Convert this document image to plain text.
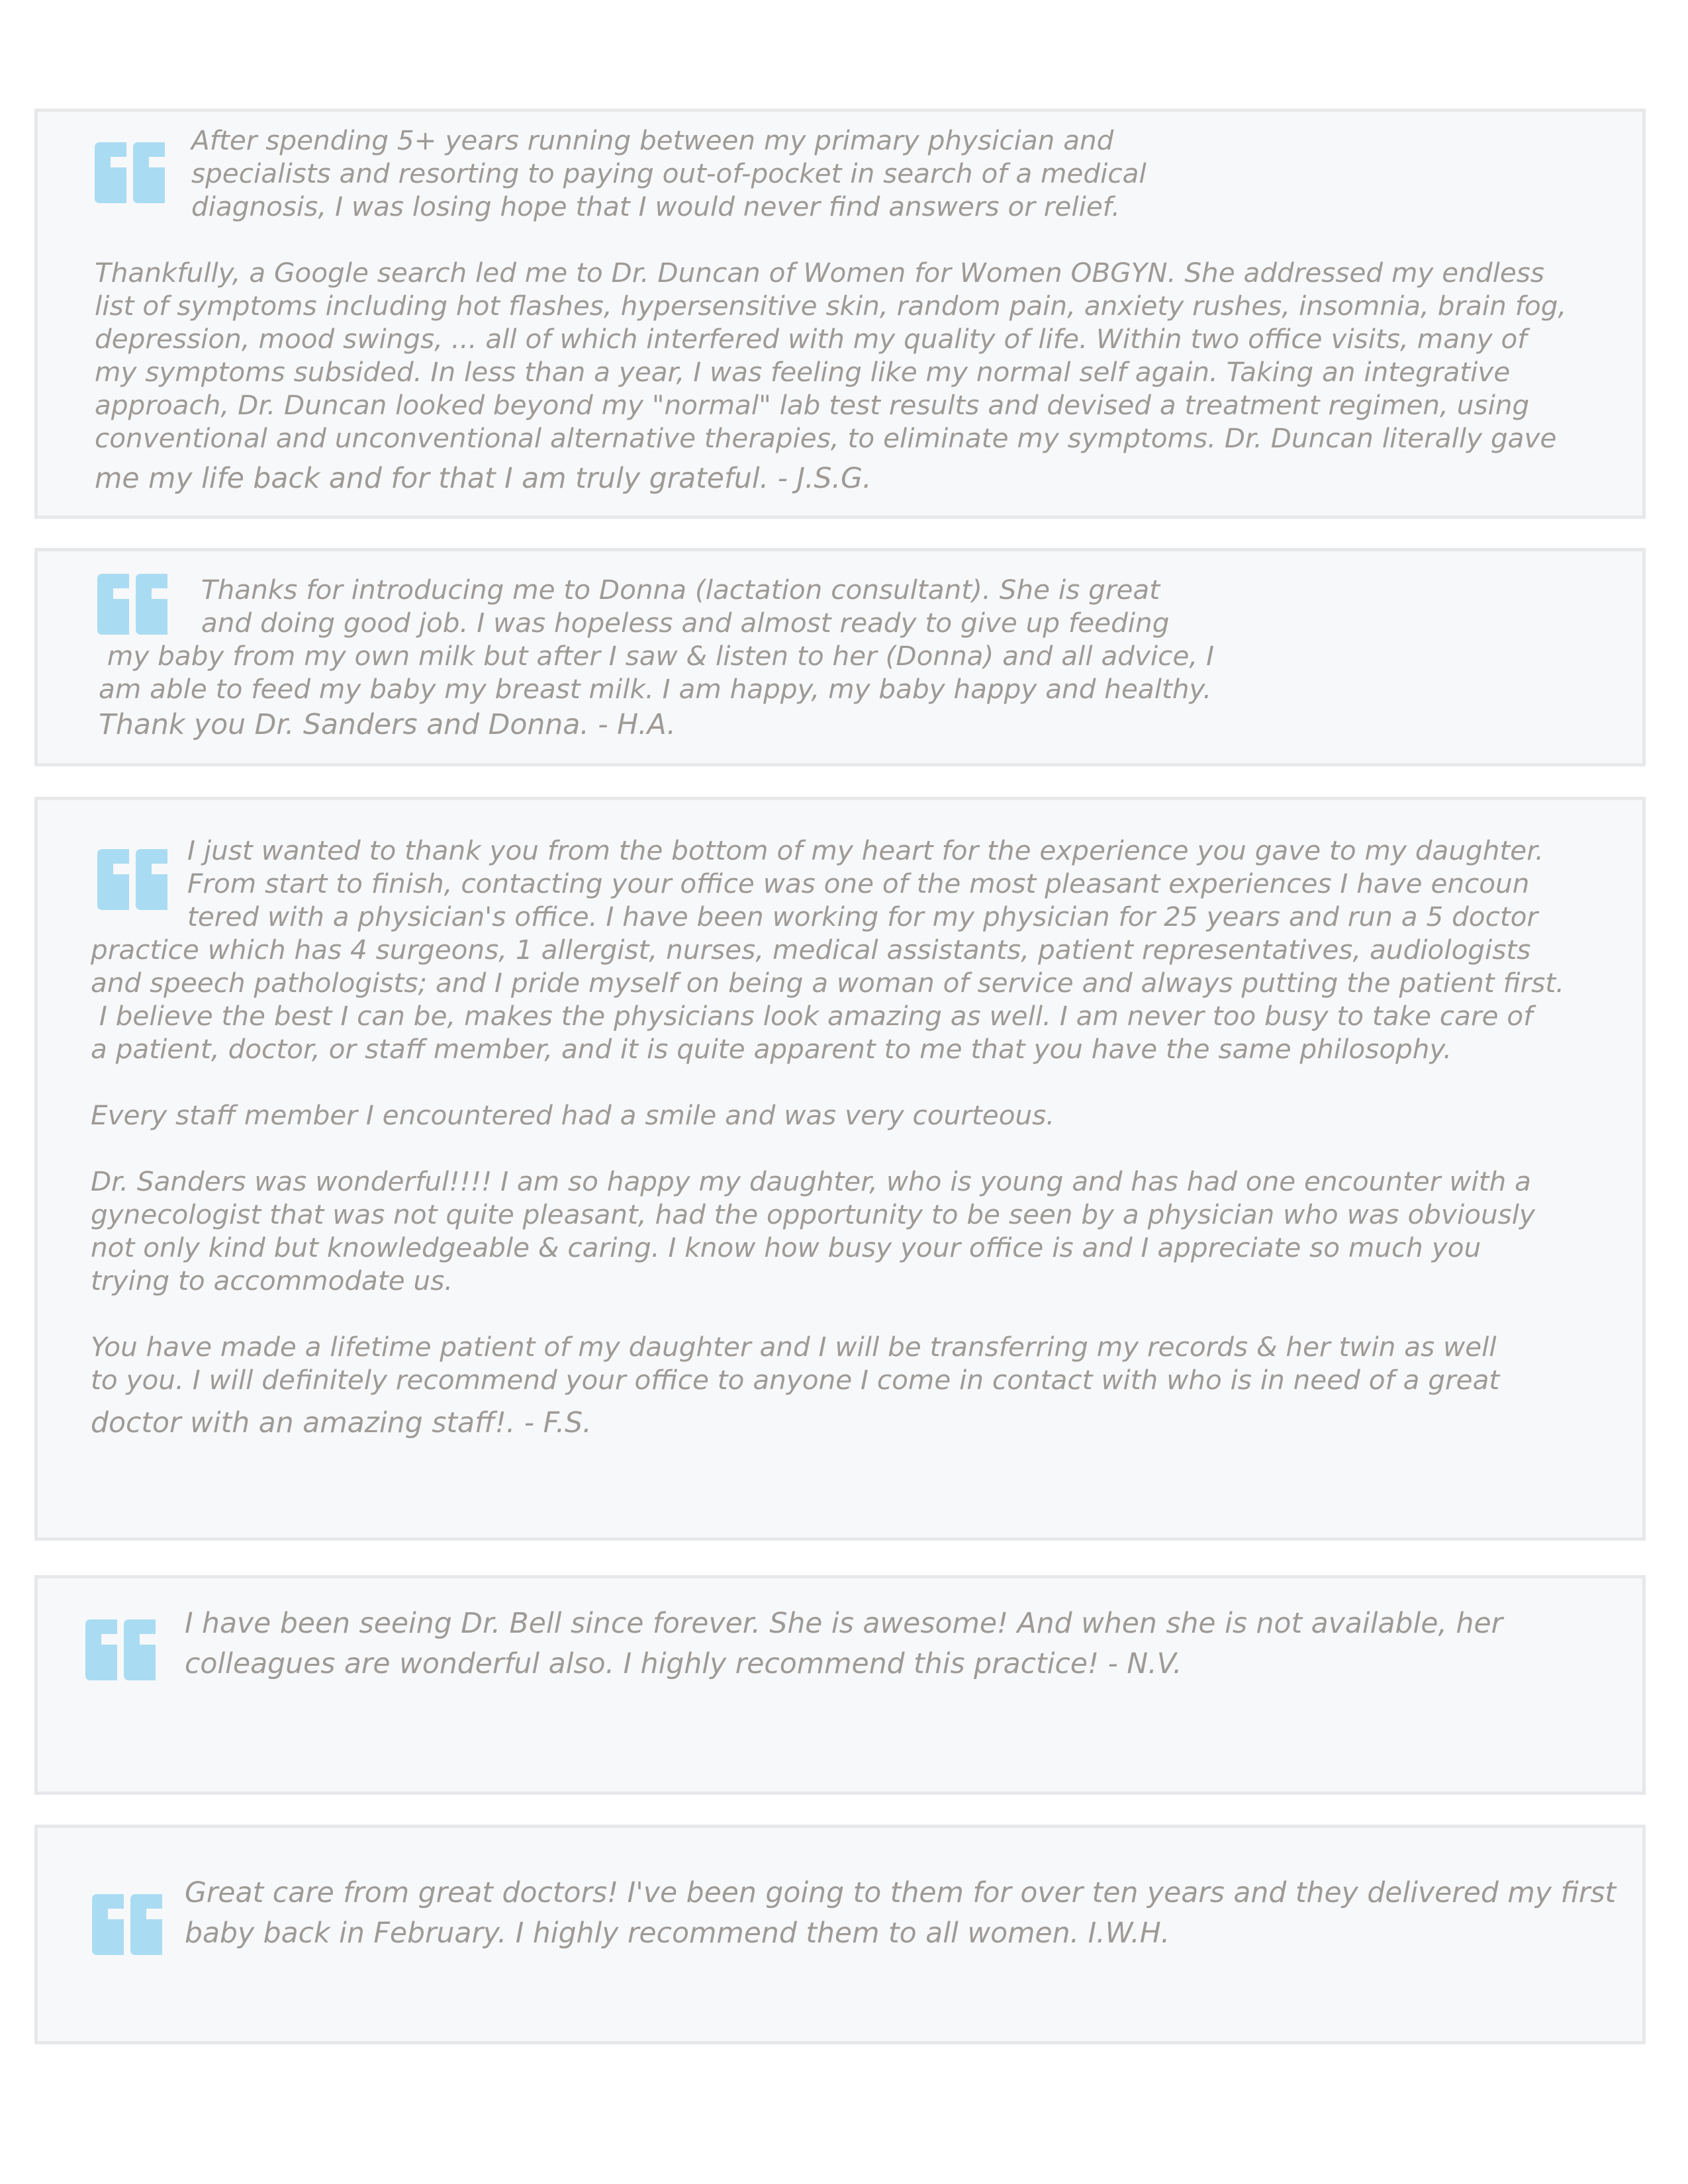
After spending 5+ years running between my primary physician and
specialists and resorting to paying out-of-pocket in search of a medical
diagnosis, I was losing hope that I would never find answers or relief.

Thankfully, a Google search led me to Dr. Duncan of Women for Women OBGYN. She addressed my endless
list of symptoms including hot flashes, hypersensitive skin, random pain, anxiety rushes, insomnia, brain fog,
depression, mood swings, ... all of which interfered with my quality of life. Within two office visits, many of
my symptoms subsided. In less than a year, I was feeling like my normal self again. Taking an integrative
approach, Dr. Duncan looked beyond my "normal" lab test results and devised a treatment regimen, using
conventional and unconventional alternative therapies, to eliminate my symptoms. Dr. Duncan literally gave

me my life back and for that I am truly grateful. - J.S.G.

Thanks for introducing me to Donna (lactation consultant). She is great
and doing good job. I was hopeless and almost ready to give up feeding

my baby from my own milk but after I saw & listen to her (Donna) and all advice, I
am able to feed my baby my breast milk. I am happy, my baby happy and healthy.

Thank you Dr. Sanders and Donna. - H.A.

I just wanted to thank you from the bottom of my heart for the experience you gave to my daughter.
From start to finish, contacting your office was one of the most pleasant experiences I have encoun
tered with a physician's office. I have been working for my physician for 25 years and run a 5 doctor

practice which has 4 surgeons, 1 allergist, nurses, medical assistants, patient representatives, audiologists
and speech pathologists; and I pride myself on being a woman of service and always putting the patient first.
I believe the best I can be, makes the physicians look amazing as well. I am never too busy to take care of
a patient, doctor, or staff member, and it is quite apparent to me that you have the same philosophy.

Every staff member I encountered had a smile and was very courteous.

Dr. Sanders was wonderful!!!! I am so happy my daughter, who is young and has had one encounter with a
gynecologist that was not quite pleasant, had the opportunity to be seen by a physician who was obviously
not only kind but knowledgeable & caring. I know how busy your office is and I appreciate so much you
trying to accommodate us.

You have made a lifetime patient of my daughter and I will be transferring my records & her twin as well
to you. I will definitely recommend your office to anyone I come in contact with who is in need of a great

doctor with an amazing staff!. - F.S.

I have been seeing Dr. Bell since forever. She is awesome! And when she is not available, her
colleagues are wonderful also. I highly recommend this practice! - N.V.

Great care from great doctors! I've been going to them for over ten years and they delivered my first
baby back in February. I highly recommend them to all women. I.W.H.
